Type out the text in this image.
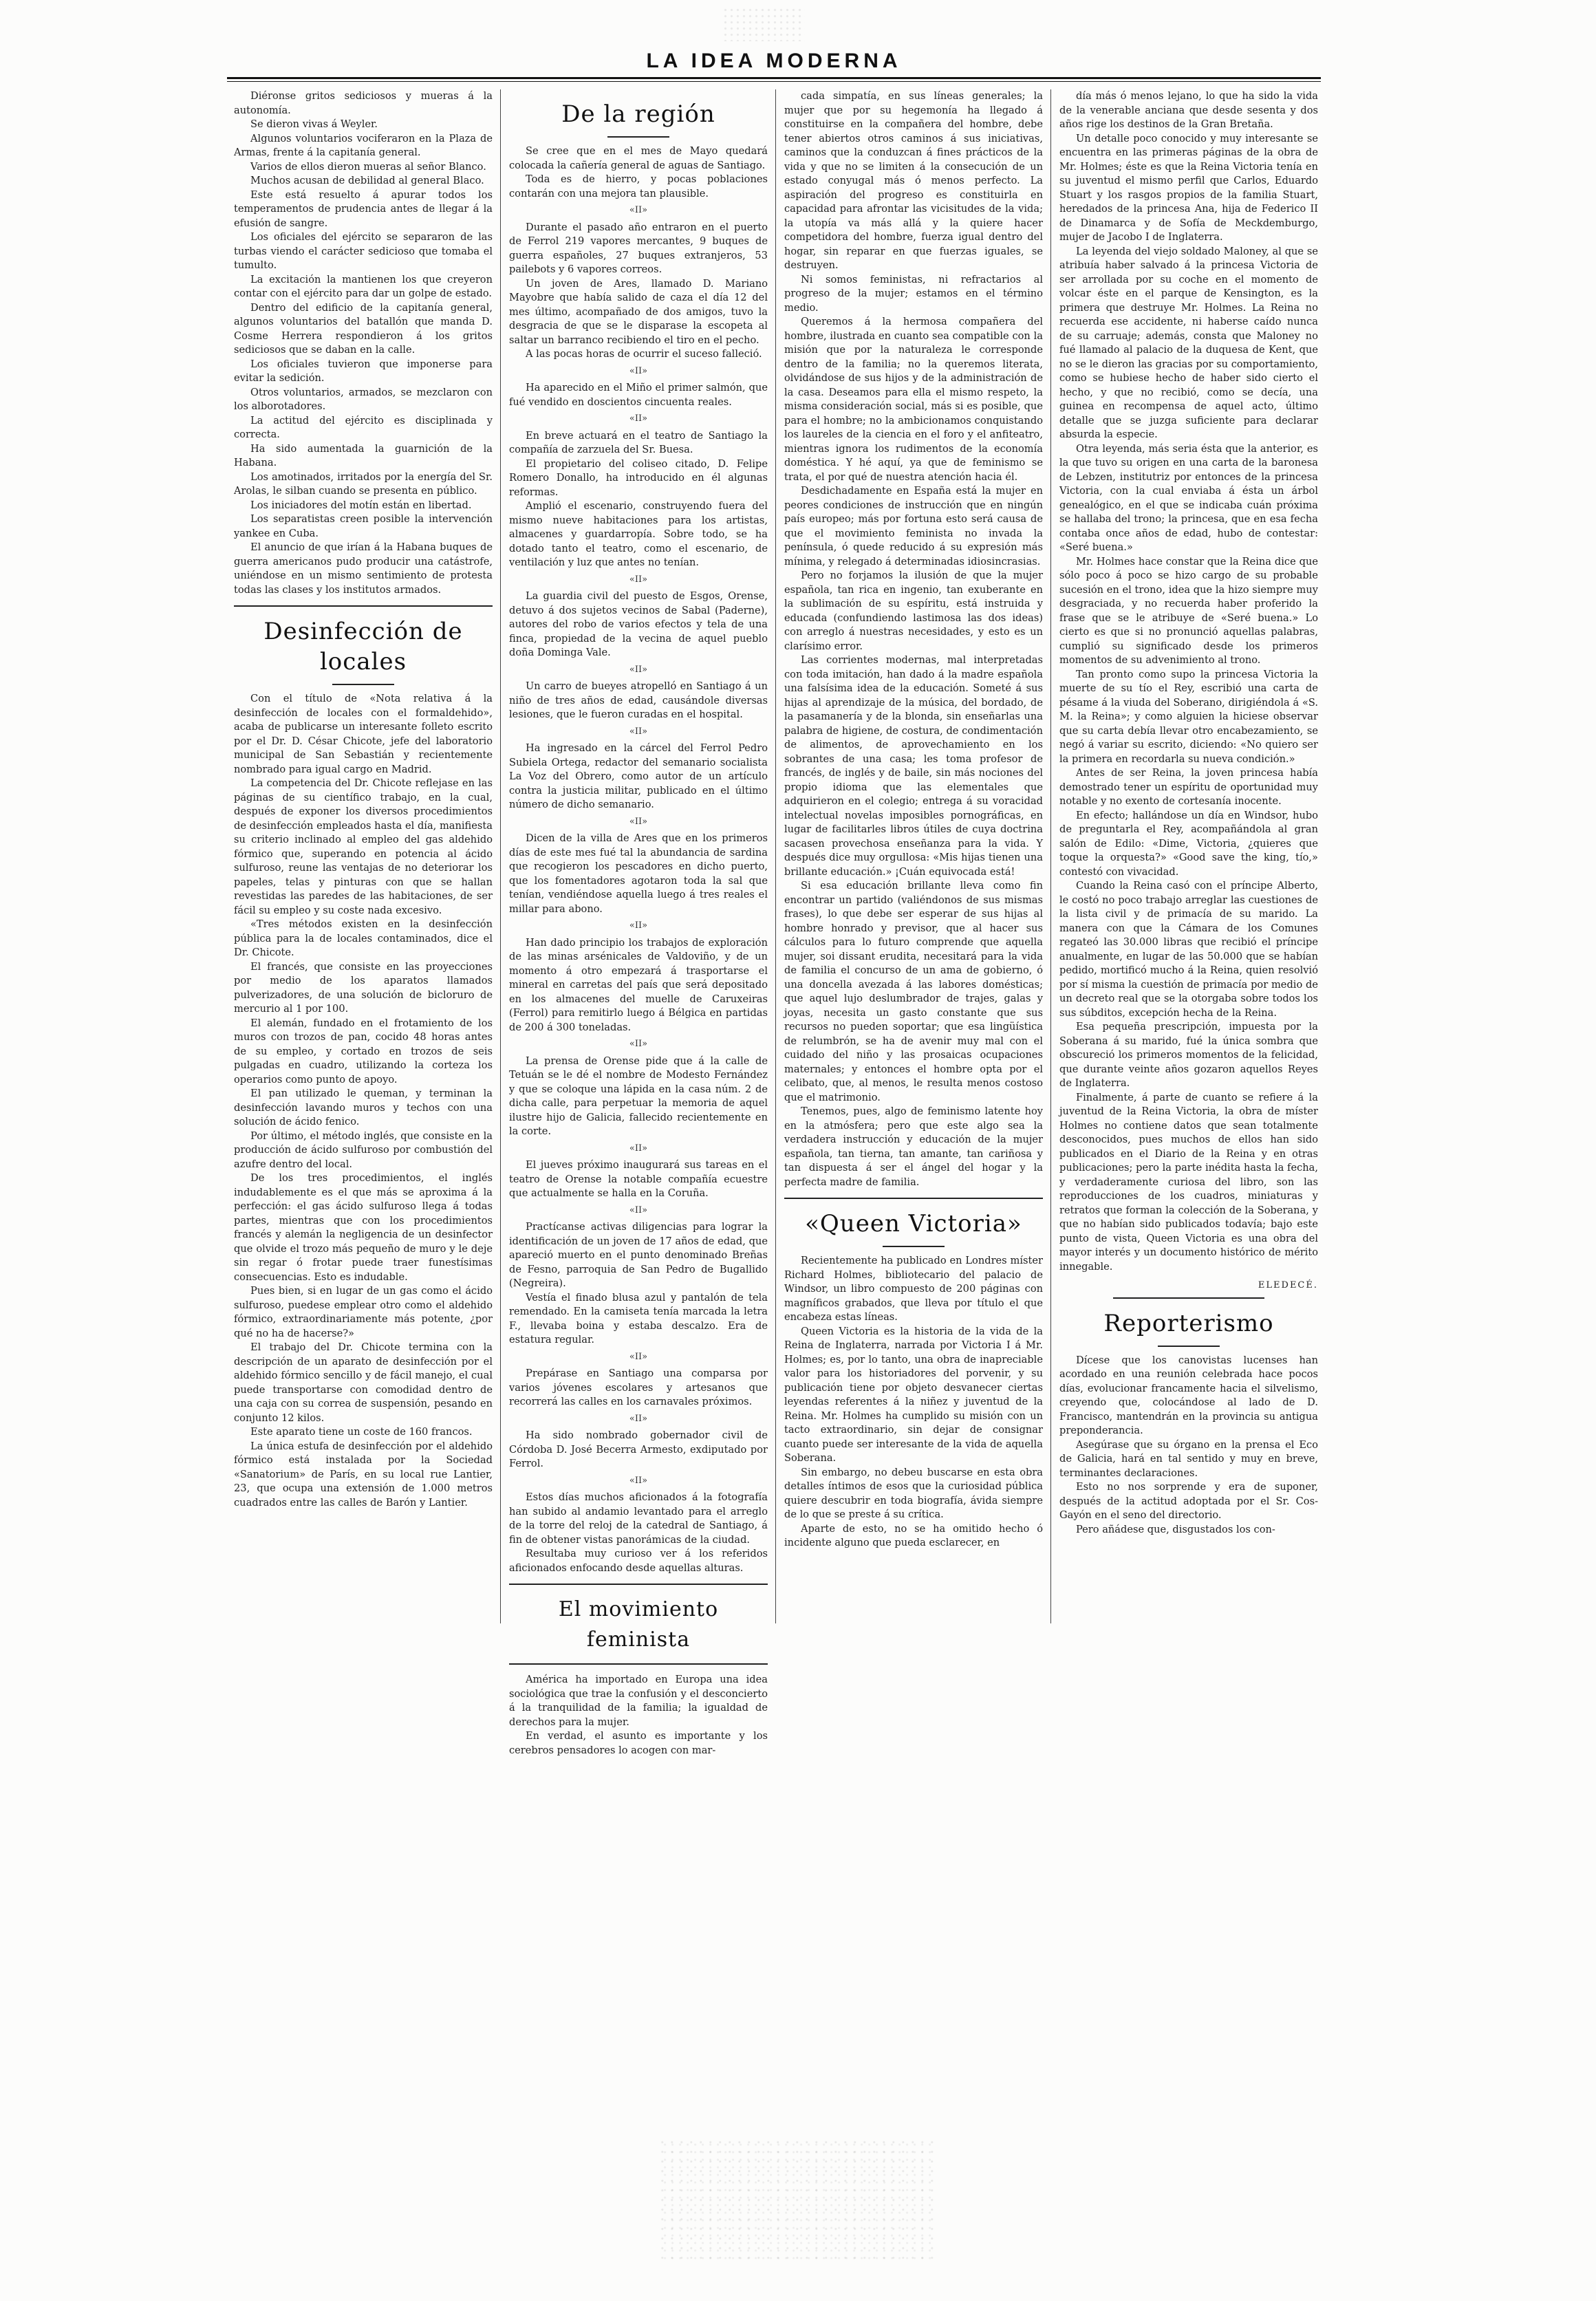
LA IDEA MODERNA

Diéronse gritos sediciosos y mueras á la autonomía.

Se dieron vivas á Weyler.

Algunos voluntarios vociferaron en la Plaza de Armas, frente á la capitanía general.

Varios de ellos dieron mueras al señor Blanco.

Muchos acusan de debilidad al general Blaco.

Este está resuelto á apurar todos los temperamentos de prudencia antes de llegar á la efusión de sangre.

Los oficiales del ejército se separaron de las turbas viendo el carácter sedicioso que tomaba el tumulto.

La excitación la mantienen los que creyeron contar con el ejército para dar un golpe de estado.

Dentro del edificio de la capitanía general, algunos voluntarios del batallón que manda D. Cosme Herrera respondieron á los gritos sediciosos que se daban en la calle.

Los oficiales tuvieron que imponerse para evitar la sedición.

Otros voluntarios, armados, se mezclaron con los alborotadores.

La actitud del ejército es disciplinada y correcta.

Ha sido aumentada la guarnición de la Habana.

Los amotinados, irritados por la energía del Sr. Arolas, le silban cuando se presenta en público.

Los iniciadores del motín están en libertad.

Los separatistas creen posible la intervención yankee en Cuba.

El anuncio de que irían á la Habana buques de guerra americanos pudo producir una catástrofe, uniéndose en un mismo sentimiento de protesta todas las clases y los institutos armados.

Desinfección de locales

Con el título de «Nota relativa á la desinfección de locales con el formaldehido», acaba de publicarse un interesante folleto escrito por el Dr. D. César Chicote, jefe del laboratorio municipal de San Sebastián y recientemente nombrado para igual cargo en Madrid.

La competencia del Dr. Chicote reflejase en las páginas de su científico trabajo, en la cual, después de exponer los diversos procedimientos de desinfección empleados hasta el día, manifiesta su criterio inclinado al empleo del gas aldehido fórmico que, superando en potencia al ácido sulfuroso, reune las ventajas de no deteriorar los papeles, telas y pinturas con que se hallan revestidas las paredes de las habitaciones, de ser fácil su empleo y su coste nada excesivo.

«Tres métodos existen en la desinfección pública para la de locales contaminados, dice el Dr. Chicote.

El francés, que consiste en las proyecciones por medio de los aparatos llamados pulverizadores, de una solución de bicloruro de mercurio al 1 por 100.

El alemán, fundado en el frotamiento de los muros con trozos de pan, cocido 48 horas antes de su empleo, y cortado en trozos de seis pulgadas en cuadro, utilizando la corteza los operarios como punto de apoyo.

El pan utilizado le queman, y terminan la desinfección lavando muros y techos con una solución de ácido fenico.

Por último, el método inglés, que consiste en la producción de ácido sulfuroso por combustión del azufre dentro del local.

De los tres procedimientos, el inglés indudablemente es el que más se aproxima á la perfección: el gas ácido sulfuroso llega á todas partes, mientras que con los procedimientos francés y alemán la negligencia de un desinfector que olvide el trozo más pequeño de muro y le deje sin regar ó frotar puede traer funestísimas consecuencias. Esto es indudable.

Pues bien, si en lugar de un gas como el ácido sulfuroso, puedese emplear otro como el aldehido fórmico, extraordinariamente más potente, ¿por qué no ha de hacerse?»

El trabajo del Dr. Chicote termina con la descripción de un aparato de desinfección por el aldehido fórmico sencillo y de fácil manejo, el cual puede transportarse con comodidad dentro de una caja con su correa de suspensión, pesando en conjunto 12 kilos.

Este aparato tiene un coste de 160 francos.

La única estufa de desinfección por el aldehido fórmico está instalada por la Sociedad «Sanatorium» de París, en su local rue Lantier, 23, que ocupa una extensión de 1.000 metros cuadrados entre las calles de Barón y Lantier.

De la región

Se cree que en el mes de Mayo quedará colocada la cañería general de aguas de Santiago.

Toda es de hierro, y pocas poblaciones contarán con una mejora tan plausible.

«II»

Durante el pasado año entraron en el puerto de Ferrol 219 vapores mercantes, 9 buques de guerra españoles, 27 buques extranjeros, 53 pailebots y 6 vapores correos.

Un joven de Ares, llamado D. Mariano Mayobre que había salido de caza el día 12 del mes último, acompañado de dos amigos, tuvo la desgracia de que se le disparase la escopeta al saltar un barranco recibiendo el tiro en el pecho.

A las pocas horas de ocurrir el suceso falleció.

«II»

Ha aparecido en el Miño el primer salmón, que fué vendido en doscientos cincuenta reales.

«II»

En breve actuará en el teatro de Santiago la compañía de zarzuela del Sr. Buesa.

El propietario del coliseo citado, D. Felipe Romero Donallo, ha introducido en él algunas reformas.

Amplió el escenario, construyendo fuera del mismo nueve habitaciones para los artistas, almacenes y guardarropía. Sobre todo, se ha dotado tanto el teatro, como el escenario, de ventilación y luz que antes no tenían.

«II»

La guardia civil del puesto de Esgos, Orense, detuvo á dos sujetos vecinos de Sabal (Paderne), autores del robo de varios efectos y tela de una finca, propiedad de la vecina de aquel pueblo doña Dominga Vale.

«II»

Un carro de bueyes atropelló en Santiago á un niño de tres años de edad, causándole diversas lesiones, que le fueron curadas en el hospital.

«II»

Ha ingresado en la cárcel del Ferrol Pedro Subiela Ortega, redactor del semanario socialista La Voz del Obrero, como autor de un artículo contra la justicia militar, publicado en el último número de dicho semanario.

«II»

Dicen de la villa de Ares que en los primeros días de este mes fué tal la abundancia de sardina que recogieron los pescadores en dicho puerto, que los fomentadores agotaron toda la sal que tenían, vendiéndose aquella luego á tres reales el millar para abono.

«II»

Han dado principio los trabajos de exploración de las minas arsénicales de Valdoviño, y de un momento á otro empezará á trasportarse el mineral en carretas del país que será depositado en los almacenes del muelle de Caruxeiras (Ferrol) para remitirlo luego á Bélgica en partidas de 200 á 300 toneladas.

«II»

La prensa de Orense pide que á la calle de Tetuán se le dé el nombre de Modesto Fernández y que se coloque una lápida en la casa núm. 2 de dicha calle, para perpetuar la memoria de aquel ilustre hijo de Galicia, fallecido recientemente en la corte.

«II»

El jueves próximo inaugurará sus tareas en el teatro de Orense la notable compañía ecuestre que actualmente se halla en la Coruña.

«II»

Practícanse activas diligencias para lograr la identificación de un joven de 17 años de edad, que apareció muerto en el punto denominado Breñas de Fesno, parroquia de San Pedro de Bugallido (Negreira).

Vestía el finado blusa azul y pantalón de tela remendado. En la camiseta tenía marcada la letra F., llevaba boina y estaba descalzo. Era de estatura regular.

«II»

Prepárase en Santiago una comparsa por varios jóvenes escolares y artesanos que recorrerá las calles en los carnavales próximos.

«II»

Ha sido nombrado gobernador civil de Córdoba D. José Becerra Armesto, exdiputado por Ferrol.

«II»

Estos días muchos aficionados á la fotografía han subido al andamio levantado para el arreglo de la torre del reloj de la catedral de Santiago, á fin de obtener vistas panorámicas de la ciudad.

Resultaba muy curioso ver á los referidos aficionados enfocando desde aquellas alturas.

El movimiento feminista

América ha importado en Europa una idea sociológica que trae la confusión y el desconcierto á la tranquilidad de la familia; la igualdad de derechos para la mujer.

En verdad, el asunto es importante y los cerebros pensadores lo acogen con mar-

cada simpatía, en sus líneas generales; la mujer que por su hegemonía ha llegado á constituirse en la compañera del hombre, debe tener abiertos otros caminos á sus iniciativas, caminos que la conduzcan á fines prácticos de la vida y que no se limiten á la consecución de un estado conyugal más ó menos perfecto. La aspiración del progreso es constituirla en capacidad para afrontar las vicisitudes de la vida; la utopía va más allá y la quiere hacer competidora del hombre, fuerza igual dentro del hogar, sin reparar en que fuerzas iguales, se destruyen.

Ni somos feministas, ni refractarios al progreso de la mujer; estamos en el término medio.

Queremos á la hermosa compañera del hombre, ilustrada en cuanto sea compatible con la misión que por la naturaleza le corresponde dentro de la familia; no la queremos literata, olvidándose de sus hijos y de la administración de la casa. Deseamos para ella el mismo respeto, la misma consideración social, más si es posible, que para el hombre; no la ambicionamos conquistando los laureles de la ciencia en el foro y el anfiteatro, mientras ignora los rudimentos de la economía doméstica. Y hé aquí, ya que de feminismo se trata, el por qué de nuestra atención hacia él.

Desdichadamente en España está la mujer en peores condiciones de instrucción que en ningún país europeo; más por fortuna esto será causa de que el movimiento feminista no invada la península, ó quede reducido á su expresión más mínima, y relegado á determinadas idiosincrasias.

Pero no forjamos la ilusión de que la mujer española, tan rica en ingenio, tan exuberante en la sublimación de su espíritu, está instruida y educada (confundiendo lastimosa las dos ideas) con arreglo á nuestras necesidades, y esto es un clarísimo error.

Las corrientes modernas, mal interpretadas con toda imitación, han dado á la madre española una falsísima idea de la educación. Someté á sus hijas al aprendizaje de la música, del bordado, de la pasamanería y de la blonda, sin enseñarlas una palabra de higiene, de costura, de condimentación de alimentos, de aprovechamiento en los sobrantes de una casa; les toma profesor de francés, de inglés y de baile, sin más nociones del propio idioma que las elementales que adquirieron en el colegio; entrega á su voracidad intelectual novelas imposibles pornográficas, en lugar de facilitarles libros útiles de cuya doctrina sacasen provechosa enseñanza para la vida. Y después dice muy orgullosa: «Mis hijas tienen una brillante educación.» ¡Cuán equivocada está!

Si esa educación brillante lleva como fin encontrar un partido (valiéndonos de sus mismas frases), lo que debe ser esperar de sus hijas al hombre honrado y previsor, que al hacer sus cálculos para lo futuro comprende que aquella mujer, soi dissant erudita, necesitará para la vida de familia el concurso de un ama de gobierno, ó una doncella avezada á las labores domésticas; que aquel lujo deslumbrador de trajes, galas y joyas, necesita un gasto constante que sus recursos no pueden soportar; que esa lingüística de relumbrón, se ha de avenir muy mal con el cuidado del niño y las prosaicas ocupaciones maternales; y entonces el hombre opta por el celibato, que, al menos, le resulta menos costoso que el matrimonio.

Tenemos, pues, algo de feminismo latente hoy en la atmósfera; pero que este algo sea la verdadera instrucción y educación de la mujer española, tan tierna, tan amante, tan cariñosa y tan dispuesta á ser el ángel del hogar y la perfecta madre de familia.

«Queen Victoria»

Recientemente ha publicado en Londres míster Richard Holmes, bibliotecario del palacio de Windsor, un libro compuesto de 200 páginas con magníficos grabados, que lleva por título el que encabeza estas líneas.

Queen Victoria es la historia de la vida de la Reina de Inglaterra, narrada por Victoria I á Mr. Holmes; es, por lo tanto, una obra de inapreciable valor para los historiadores del porvenir, y su publicación tiene por objeto desvanecer ciertas leyendas referentes á la niñez y juventud de la Reina. Mr. Holmes ha cumplido su misión con un tacto extraordinario, sin dejar de consignar cuanto puede ser interesante de la vida de aquella Soberana.

Sin embargo, no debeu buscarse en esta obra detalles íntimos de esos que la curiosidad pública quiere descubrir en toda biografía, ávida siempre de lo que se preste á su crítica.

Aparte de esto, no se ha omitido hecho ó incidente alguno que pueda esclarecer, en

día más ó menos lejano, lo que ha sido la vida de la venerable anciana que desde sesenta y dos años rige los destinos de la Gran Bretaña.

Un detalle poco conocido y muy interesante se encuentra en las primeras páginas de la obra de Mr. Holmes; éste es que la Reina Victoria tenía en su juventud el mismo perfil que Carlos, Eduardo Stuart y los rasgos propios de la familia Stuart, heredados de la princesa Ana, hija de Federico II de Dinamarca y de Sofía de Meckdemburgo, mujer de Jacobo I de Inglaterra.

La leyenda del viejo soldado Maloney, al que se atribuía haber salvado á la princesa Victoria de ser arrollada por su coche en el momento de volcar éste en el parque de Kensington, es la primera que destruye Mr. Holmes. La Reina no recuerda ese accidente, ni haberse caído nunca de su carruaje; además, consta que Maloney no fué llamado al palacio de la duquesa de Kent, que no se le dieron las gracias por su comportamiento, como se hubiese hecho de haber sido cierto el hecho, y que no recibió, como se decía, una guinea en recompensa de aquel acto, último detalle que se juzga suficiente para declarar absurda la especie.

Otra leyenda, más seria ésta que la anterior, es la que tuvo su origen en una carta de la baronesa de Lebzen, institutriz por entonces de la princesa Victoria, con la cual enviaba á ésta un árbol genealógico, en el que se indicaba cuán próxima se hallaba del trono; la princesa, que en esa fecha contaba once años de edad, hubo de contestar: «Seré buena.»

Mr. Holmes hace constar que la Reina dice que sólo poco á poco se hizo cargo de su probable sucesión en el trono, idea que la hizo siempre muy desgraciada, y no recuerda haber proferido la frase que se le atribuye de «Seré buena.» Lo cierto es que si no pronunció aquellas palabras, cumplió su significado desde los primeros momentos de su advenimiento al trono.

Tan pronto como supo la princesa Victoria la muerte de su tío el Rey, escribió una carta de pésame á la viuda del Soberano, dirigiéndola á «S. M. la Reina»; y como alguien la hiciese observar que su carta debía llevar otro encabezamiento, se negó á variar su escrito, diciendo: «No quiero ser la primera en recordarla su nueva condición.»

Antes de ser Reina, la joven princesa había demostrado tener un espíritu de oportunidad muy notable y no exento de cortesanía inocente.

En efecto; hallándose un día en Windsor, hubo de preguntarla el Rey, acompañándola al gran salón de Edilo: «Dime, Victoria, ¿quieres que toque la orquesta?» «Good save the king, tío,» contestó con vivacidad.

Cuando la Reina casó con el príncipe Alberto, le costó no poco trabajo arreglar las cuestiones de la lista civil y de primacía de su marido. La manera con que la Cámara de los Comunes regateó las 30.000 libras que recibió el príncipe anualmente, en lugar de las 50.000 que se habían pedido, mortificó mucho á la Reina, quien resolvió por sí misma la cuestión de primacía por medio de un decreto real que se la otorgaba sobre todos los sus súbditos, excepción hecha de la Reina.

Esa pequeña prescripción, impuesta por la Soberana á su marido, fué la única sombra que obscureció los primeros momentos de la felicidad, que durante veinte años gozaron aquellos Reyes de Inglaterra.

Finalmente, á parte de cuanto se refiere á la juventud de la Reina Victoria, la obra de míster Holmes no contiene datos que sean totalmente desconocidos, pues muchos de ellos han sido publicados en el Diario de la Reina y en otras publicaciones; pero la parte inédita hasta la fecha, y verdaderamente curiosa del libro, son las reproducciones de los cuadros, miniaturas y retratos que forman la colección de la Soberana, y que no habían sido publicados todavía; bajo este punto de vista, Queen Victoria es una obra del mayor interés y un documento histórico de mérito innegable.

ELEDECÉ.
Reporterismo

Dícese que los canovistas lucenses han acordado en una reunión celebrada hace pocos días, evolucionar francamente hacia el silvelismo, creyendo que, colocándose al lado de D. Francisco, mantendrán en la provincia su antigua preponderancia.

Asegúrase que su órgano en la prensa el Eco de Galicia, hará en tal sentido y muy en breve, terminantes declaraciones.

Esto no nos sorprende y era de suponer, después de la actitud adoptada por el Sr. Cos-Gayón en el seno del directorio.

Pero añádese que, disgustados los con-
